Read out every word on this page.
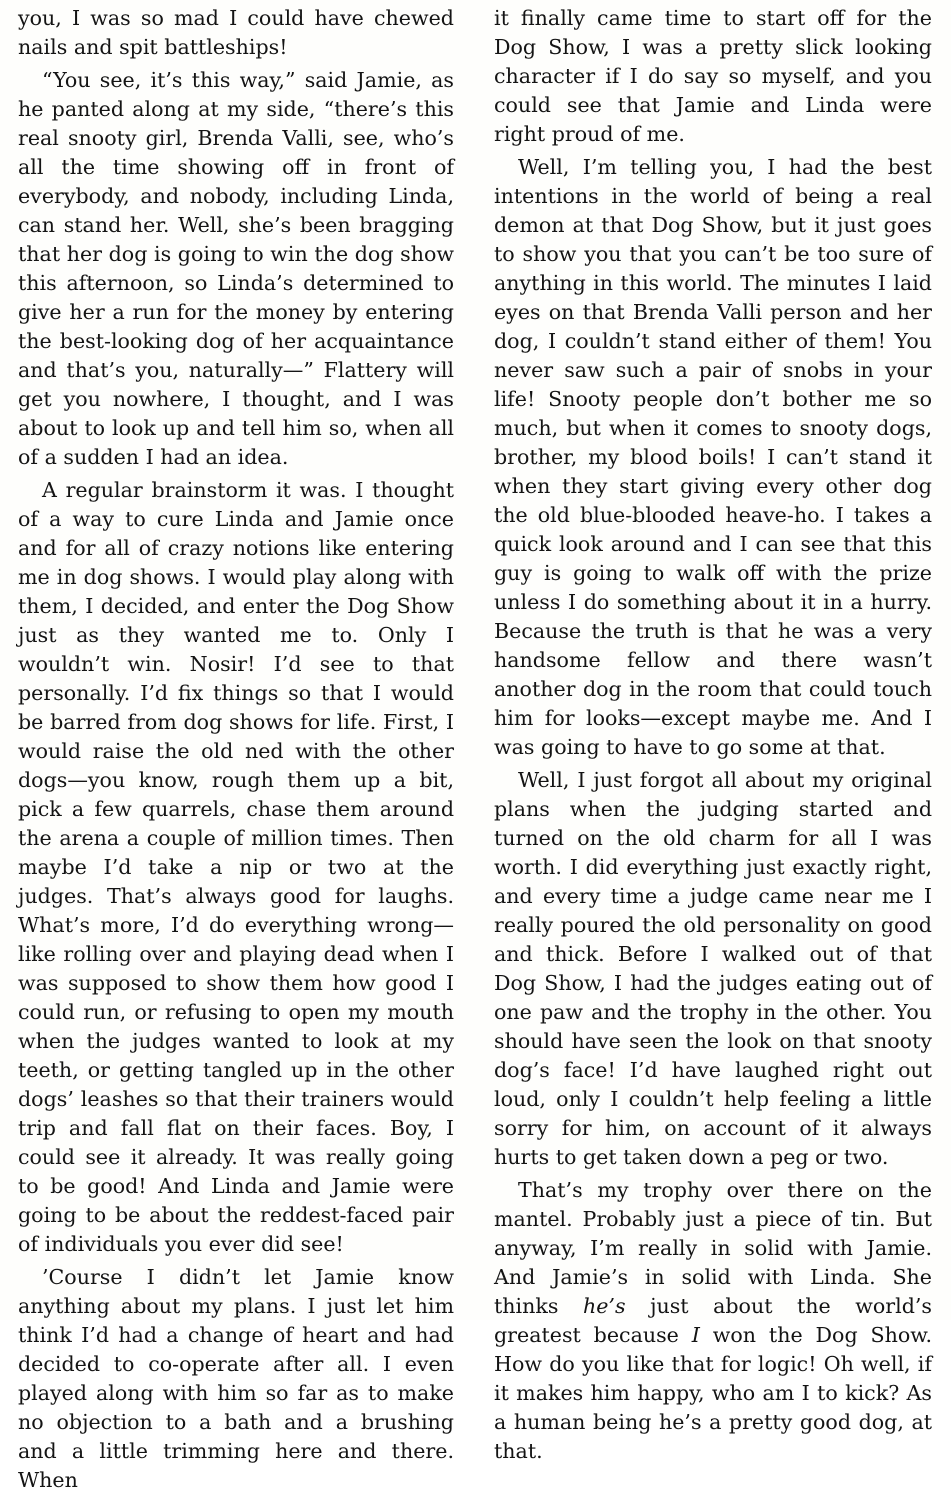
you, I was so mad I could have chewed nails and spit battleships!

“You see, it’s this way,” said Jamie, as he panted along at my side, “there’s this real snooty girl, Brenda Valli, see, who’s all the time showing off in front of everybody, and nobody, including Linda, can stand her. Well, she’s been bragging that her dog is going to win the dog show this afternoon, so Linda’s determined to give her a run for the money by entering the best-looking dog of her acquaintance and that’s you, naturally—” Flattery will get you nowhere, I thought, and I was about to look up and tell him so, when all of a sudden I had an idea.

A regular brainstorm it was. I thought of a way to cure Linda and Jamie once and for all of crazy notions like entering me in dog shows. I would play along with them, I decided, and enter the Dog Show just as they wanted me to. Only I wouldn’t win. Nosir! I’d see to that personally. I’d fix things so that I would be barred from dog shows for life. First, I would raise the old ned with the other dogs—you know, rough them up a bit, pick a few quarrels, chase them around the arena a couple of million times. Then maybe I’d take a nip or two at the judges. That’s always good for laughs. What’s more, I’d do everything wrong—like rolling over and playing dead when I was supposed to show them how good I could run, or refusing to open my mouth when the judges wanted to look at my teeth, or getting tangled up in the other dogs’ leashes so that their trainers would trip and fall flat on their faces. Boy, I could see it already. It was really going to be good! And Linda and Jamie were going to be about the reddest-faced pair of individuals you ever did see!

’Course I didn’t let Jamie know anything about my plans. I just let him think I’d had a change of heart and had decided to co-operate after all. I even played along with him so far as to make no objection to a bath and a brushing and a little trimming here and there. When

it finally came time to start off for the Dog Show, I was a pretty slick looking character if I do say so myself, and you could see that Jamie and Linda were right proud of me.

Well, I’m telling you, I had the best intentions in the world of being a real demon at that Dog Show, but it just goes to show you that you can’t be too sure of anything in this world. The minutes I laid eyes on that Brenda Valli person and her dog, I couldn’t stand either of them! You never saw such a pair of snobs in your life! Snooty people don’t bother me so much, but when it comes to snooty dogs, brother, my blood boils! I can’t stand it when they start giving every other dog the old blue-blooded heave-ho. I takes a quick look around and I can see that this guy is going to walk off with the prize unless I do something about it in a hurry. Because the truth is that he was a very handsome fellow and there wasn’t another dog in the room that could touch him for looks—except maybe me. And I was going to have to go some at that.

Well, I just forgot all about my original plans when the judging started and turned on the old charm for all I was worth. I did everything just exactly right, and every time a judge came near me I really poured the old personality on good and thick. Before I walked out of that Dog Show, I had the judges eating out of one paw and the trophy in the other. You should have seen the look on that snooty dog’s face! I’d have laughed right out loud, only I couldn’t help feeling a little sorry for him, on account of it always hurts to get taken down a peg or two.

That’s my trophy over there on the mantel. Probably just a piece of tin. But anyway, I’m really in solid with Jamie. And Jamie’s in solid with Linda. She thinks he’s just about the world’s greatest because I won the Dog Show. How do you like that for logic! Oh well, if it makes him happy, who am I to kick? As a human being he’s a pretty good dog, at that.
